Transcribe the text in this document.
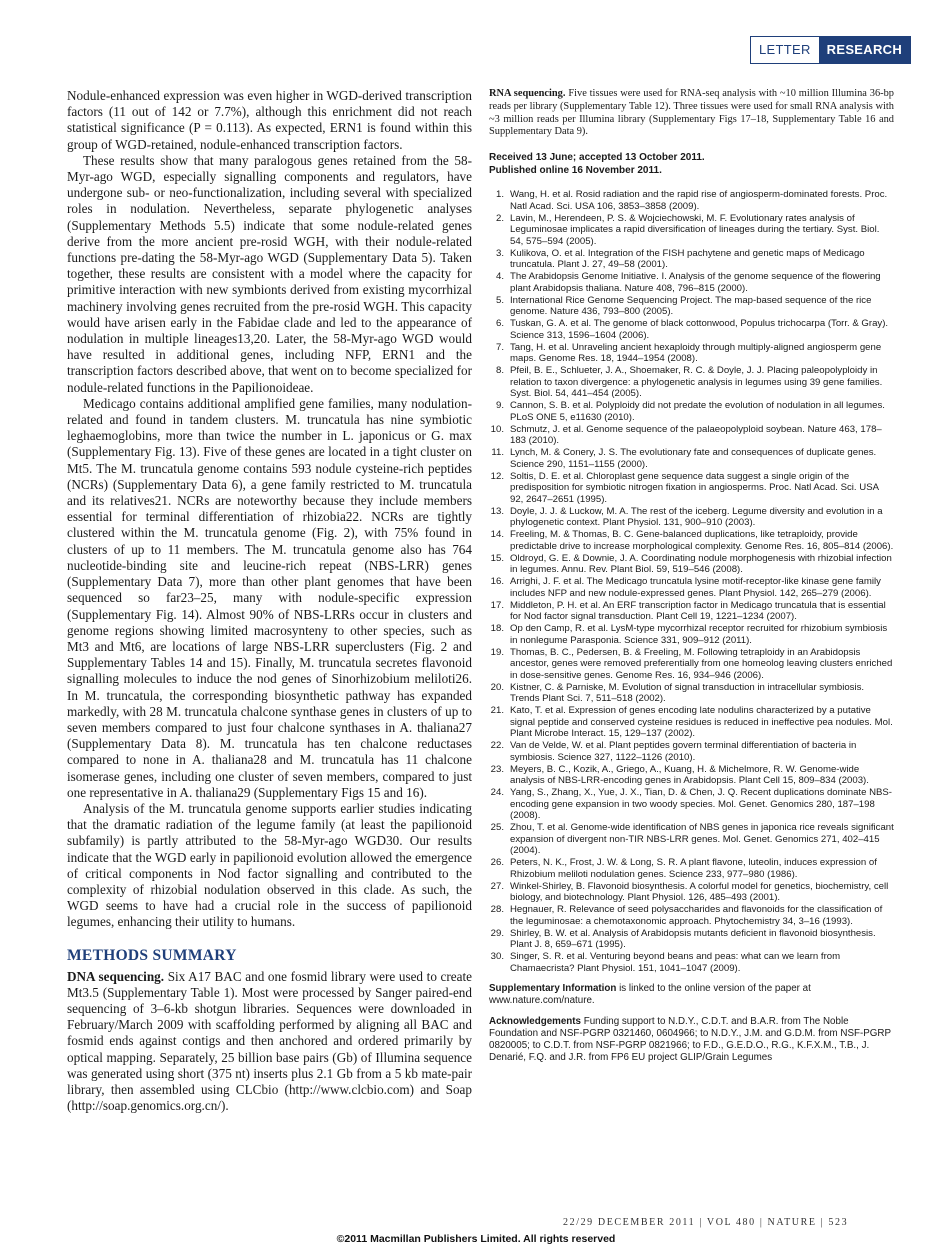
LETTER	RESEARCH

Nodule-enhanced expression was even higher in WGD-derived transcription factors (11 out of 142 or 7.7%), although this enrichment did not reach statistical significance (P = 0.113). As expected, ERN1 is found within this group of WGD-retained, nodule-enhanced transcription factors.

These results show that many paralogous genes retained from the 58-Myr-ago WGD, especially signalling components and regulators, have undergone sub- or neo-functionalization, including several with specialized roles in nodulation. Nevertheless, separate phylogenetic analyses (Supplementary Methods 5.5) indicate that some nodule-related genes derive from the more ancient pre-rosid WGH, with their nodule-related functions pre-dating the 58-Myr-ago WGD (Supplementary Data 5). Taken together, these results are consistent with a model where the capacity for primitive interaction with new symbionts derived from existing mycorrhizal machinery involving genes recruited from the pre-rosid WGH. This capacity would have arisen early in the Fabidae clade and led to the appearance of nodulation in multiple lineages13,20. Later, the 58-Myr-ago WGD would have resulted in additional genes, including NFP, ERN1 and the transcription factors described above, that went on to become specialized for nodule-related functions in the Papilionoideae.

Medicago contains additional amplified gene families, many nodulation-related and found in tandem clusters. M. truncatula has nine symbiotic leghaemoglobins, more than twice the number in L. japonicus or G. max (Supplementary Fig. 13). Five of these genes are located in a tight cluster on Mt5. The M. truncatula genome contains 593 nodule cysteine-rich peptides (NCRs) (Supplementary Data 6), a gene family restricted to M. truncatula and its relatives21. NCRs are noteworthy because they include members essential for terminal differentiation of rhizobia22. NCRs are tightly clustered within the M. truncatula genome (Fig. 2), with 75% found in clusters of up to 11 members. The M. truncatula genome also has 764 nucleotide-binding site and leucine-rich repeat (NBS-LRR) genes (Supplementary Data 7), more than other plant genomes that have been sequenced so far23–25, many with nodule-specific expression (Supplementary Fig. 14). Almost 90% of NBS-LRRs occur in clusters and genome regions showing limited macrosynteny to other species, such as Mt3 and Mt6, are locations of large NBS-LRR superclusters (Fig. 2 and Supplementary Tables 14 and 15). Finally, M. truncatula secretes flavonoid signalling molecules to induce the nod genes of Sinorhizobium meliloti26. In M. truncatula, the corresponding biosynthetic pathway has expanded markedly, with 28 M. truncatula chalcone synthase genes in clusters of up to seven members compared to just four chalcone synthases in A. thaliana27 (Supplementary Data 8). M. truncatula has ten chalcone reductases compared to none in A. thaliana28 and M. truncatula has 11 chalcone isomerase genes, including one cluster of seven members, compared to just one representative in A. thaliana29 (Supplementary Figs 15 and 16).

Analysis of the M. truncatula genome supports earlier studies indicating that the dramatic radiation of the legume family (at least the papilionoid subfamily) is partly attributed to the 58-Myr-ago WGD30. Our results indicate that the WGD early in papilionoid evolution allowed the emergence of critical components in Nod factor signalling and contributed to the complexity of rhizobial nodulation observed in this clade. As such, the WGD seems to have had a crucial role in the success of papilionoid legumes, enhancing their utility to humans.

METHODS SUMMARY

DNA sequencing. Six A17 BAC and one fosmid library were used to create Mt3.5 (Supplementary Table 1). Most were processed by Sanger paired-end sequencing of 3–6-kb shotgun libraries. Sequences were downloaded in February/March 2009 with scaffolding performed by aligning all BAC and fosmid ends against contigs and then anchored and ordered primarily by optical mapping. Separately, 25 billion base pairs (Gb) of Illumina sequence was generated using short (375 nt) inserts plus 2.1 Gb from a 5 kb mate-pair library, then assembled using CLCbio (http://www.clcbio.com) and Soap (http://soap.genomics.org.cn/).

RNA sequencing. Five tissues were used for RNA-seq analysis with ~10 million Illumina 36-bp reads per library (Supplementary Table 12). Three tissues were used for small RNA analysis with ~3 million reads per Illumina library (Supplementary Figs 17–18, Supplementary Table 16 and Supplementary Data 9).

Received 13 June; accepted 13 October 2011.
Published online 16 November 2011.
1. Wang, H. et al. Rosid radiation and the rapid rise of angiosperm-dominated forests. Proc. Natl Acad. Sci. USA 106, 3853–3858 (2009).
2. Lavin, M., Herendeen, P. S. & Wojciechowski, M. F. Evolutionary rates analysis of Leguminosae implicates a rapid diversification of lineages during the tertiary. Syst. Biol. 54, 575–594 (2005).
3. Kulikova, O. et al. Integration of the FISH pachytene and genetic maps of Medicago truncatula. Plant J. 27, 49–58 (2001).
4. The Arabidopsis Genome Initiative. I. Analysis of the genome sequence of the flowering plant Arabidopsis thaliana. Nature 408, 796–815 (2000).
5. International Rice Genome Sequencing Project. The map-based sequence of the rice genome. Nature 436, 793–800 (2005).
6. Tuskan, G. A. et al. The genome of black cottonwood, Populus trichocarpa (Torr. & Gray). Science 313, 1596–1604 (2006).
7. Tang, H. et al. Unraveling ancient hexaploidy through multiply-aligned angiosperm gene maps. Genome Res. 18, 1944–1954 (2008).
8. Pfeil, B. E., Schlueter, J. A., Shoemaker, R. C. & Doyle, J. J. Placing paleopolyploidy in relation to taxon divergence: a phylogenetic analysis in legumes using 39 gene families. Syst. Biol. 54, 441–454 (2005).
9. Cannon, S. B. et al. Polyploidy did not predate the evolution of nodulation in all legumes. PLoS ONE 5, e11630 (2010).
10. Schmutz, J. et al. Genome sequence of the palaeopolyploid soybean. Nature 463, 178–183 (2010).
11. Lynch, M. & Conery, J. S. The evolutionary fate and consequences of duplicate genes. Science 290, 1151–1155 (2000).
12. Soltis, D. E. et al. Chloroplast gene sequence data suggest a single origin of the predisposition for symbiotic nitrogen fixation in angiosperms. Proc. Natl Acad. Sci. USA 92, 2647–2651 (1995).
13. Doyle, J. J. & Luckow, M. A. The rest of the iceberg. Legume diversity and evolution in a phylogenetic context. Plant Physiol. 131, 900–910 (2003).
14. Freeling, M. & Thomas, B. C. Gene-balanced duplications, like tetraploidy, provide predictable drive to increase morphological complexity. Genome Res. 16, 805–814 (2006).
15. Oldroyd, G. E. & Downie, J. A. Coordinating nodule morphogenesis with rhizobial infection in legumes. Annu. Rev. Plant Biol. 59, 519–546 (2008).
16. Arrighi, J. F. et al. The Medicago truncatula lysine motif-receptor-like kinase gene family includes NFP and new nodule-expressed genes. Plant Physiol. 142, 265–279 (2006).
17. Middleton, P. H. et al. An ERF transcription factor in Medicago truncatula that is essential for Nod factor signal transduction. Plant Cell 19, 1221–1234 (2007).
18. Op den Camp, R. et al. LysM-type mycorrhizal receptor recruited for rhizobium symbiosis in nonlegume Parasponia. Science 331, 909–912 (2011).
19. Thomas, B. C., Pedersen, B. & Freeling, M. Following tetraploidy in an Arabidopsis ancestor, genes were removed preferentially from one homeolog leaving clusters enriched in dose-sensitive genes. Genome Res. 16, 934–946 (2006).
20. Kistner, C. & Parniske, M. Evolution of signal transduction in intracellular symbiosis. Trends Plant Sci. 7, 511–518 (2002).
21. Kato, T. et al. Expression of genes encoding late nodulins characterized by a putative signal peptide and conserved cysteine residues is reduced in ineffective pea nodules. Mol. Plant Microbe Interact. 15, 129–137 (2002).
22. Van de Velde, W. et al. Plant peptides govern terminal differentiation of bacteria in symbiosis. Science 327, 1122–1126 (2010).
23. Meyers, B. C., Kozik, A., Griego, A., Kuang, H. & Michelmore, R. W. Genome-wide analysis of NBS-LRR-encoding genes in Arabidopsis. Plant Cell 15, 809–834 (2003).
24. Yang, S., Zhang, X., Yue, J. X., Tian, D. & Chen, J. Q. Recent duplications dominate NBS-encoding gene expansion in two woody species. Mol. Genet. Genomics 280, 187–198 (2008).
25. Zhou, T. et al. Genome-wide identification of NBS genes in japonica rice reveals significant expansion of divergent non-TIR NBS-LRR genes. Mol. Genet. Genomics 271, 402–415 (2004).
26. Peters, N. K., Frost, J. W. & Long, S. R. A plant flavone, luteolin, induces expression of Rhizobium meliloti nodulation genes. Science 233, 977–980 (1986).
27. Winkel-Shirley, B. Flavonoid biosynthesis. A colorful model for genetics, biochemistry, cell biology, and biotechnology. Plant Physiol. 126, 485–493 (2001).
28. Hegnauer, R. Relevance of seed polysaccharides and flavonoids for the classification of the leguminosae: a chemotaxonomic approach. Phytochemistry 34, 3–16 (1993).
29. Shirley, B. W. et al. Analysis of Arabidopsis mutants deficient in flavonoid biosynthesis. Plant J. 8, 659–671 (1995).
30. Singer, S. R. et al. Venturing beyond beans and peas: what can we learn from Chamaecrista? Plant Physiol. 151, 1041–1047 (2009).
Supplementary Information is linked to the online version of the paper at www.nature.com/nature.
Acknowledgements Funding support to N.D.Y., C.D.T. and B.A.R. from The Noble Foundation and NSF-PGRP 0321460, 0604966; to N.D.Y., J.M. and G.D.M. from NSF-PGRP 0820005; to C.D.T. from NSF-PGRP 0821966; to F.D., G.E.D.O., R.G., K.F.X.M., T.B., J. Denarié, F.Q. and J.R. from FP6 EU project GLIP/Grain Legumes
22/29 DECEMBER 2011 | VOL 480 | NATURE | 523
©2011 Macmillan Publishers Limited. All rights reserved
